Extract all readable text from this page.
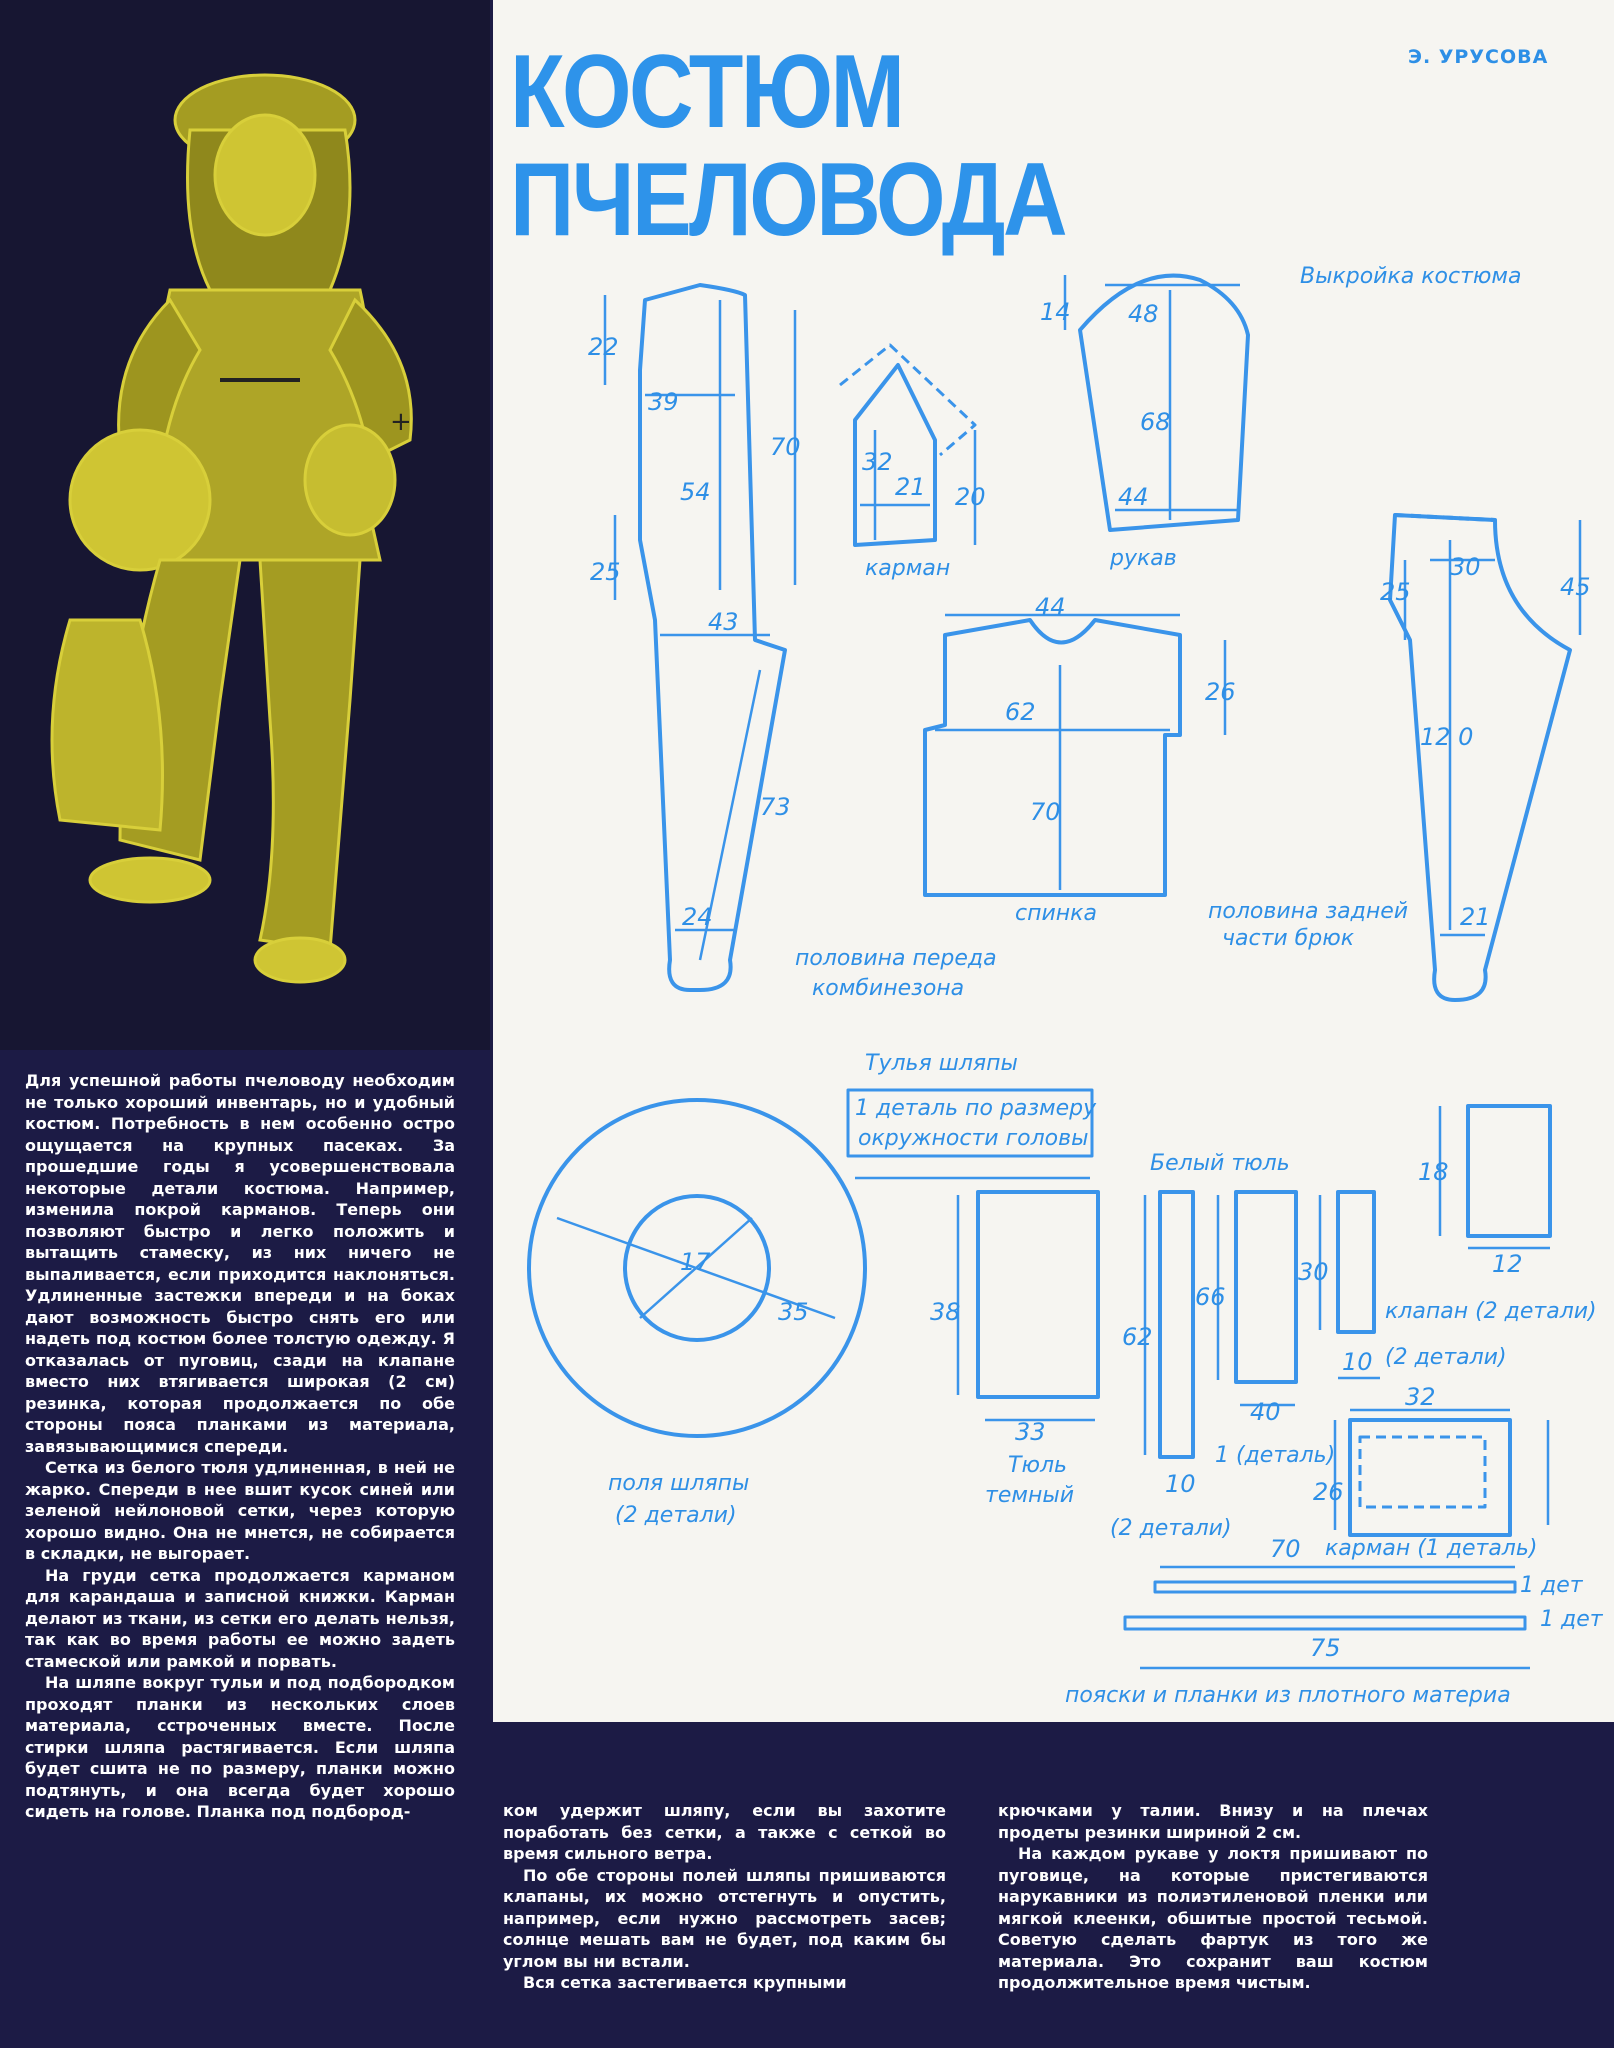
+
Э. УРУСОВА
КОСТЮМ
ПЧЕЛОВОДА
22
39
70
54
25
43
73
24
32
21 20
14 48
68
44
44
62
26
70
25
30
45
12 0
21
17
35	38
33
62
10
66
40
30
10
18
12
32
26
70
75
Выкройка костюма
карман	рукав
спинка
половина переда
комбинезона
половина задней
части брюк
Тулья шляпы
1 деталь по размеру
окружности головы
Белый тюль
поля шляпы
(2 детали)
Тюль
темный
1 (деталь)
(2 детали)
(2 детали)
клапан (2 детали)
карман (1 деталь)
1 дет
1 дет
пояски и планки из плотного материа

Для успешной работы пчеловоду необходим не только хороший инвентарь, но и удобный костюм. Потребность в нем особенно остро ощущается на крупных пасеках. За прошедшие годы я усовершенствовала некоторые детали костюма. Например, изменила покрой карманов. Теперь они позволяют быстро и легко положить и вытащить стамеску, из них ничего не выпаливается, если приходится наклоняться. Удлиненные застежки впереди и на боках дают возможность быстро снять его или надеть под костюм более толстую одежду. Я отказалась от пуговиц, сзади на клапане вместо них втягивается широкая (2 см) резинка, которая продолжается по обе стороны пояса планками из материала, завязывающимися спереди.

Сетка из белого тюля удлиненная, в ней не жарко. Спереди в нее вшит кусок синей или зеленой нейлоновой сетки, через которую хорошо видно. Она не мнется, не собирается в складки, не выгорает.

На груди сетка продолжается карманом для карандаша и записной книжки. Карман делают из ткани, из сетки его делать нельзя, так как во время работы ее можно задеть стамеской или рамкой и порвать.

На шляпе вокруг тульи и под подбородком проходят планки из нескольких слоев материала, сстроченных вместе. После стирки шляпа растягивается. Если шляпа будет сшита не по размеру, планки можно подтянуть, и она всегда будет хорошо сидеть на голове. Планка под подбород-	ком удержит шляпу, если вы захотите поработать без сетки, а также с сеткой во время сильного ветра.

По обе стороны полей шляпы пришиваются клапаны, их можно отстегнуть и опустить, например, если нужно рассмотреть засев; солнце мешать вам не будет, под каким бы углом вы ни встали.

Вся сетка застегивается крупными

крючками у талии. Внизу и на плечах продеты резинки шириной 2 см.

На каждом рукаве у локтя пришивают по пуговице, на которые пристегиваются нарукавники из полиэтиленовой пленки или мягкой клеенки, обшитые простой тесьмой. Советую сделать фартук из того же материала. Это сохранит ваш костюм продолжительное время чистым.
